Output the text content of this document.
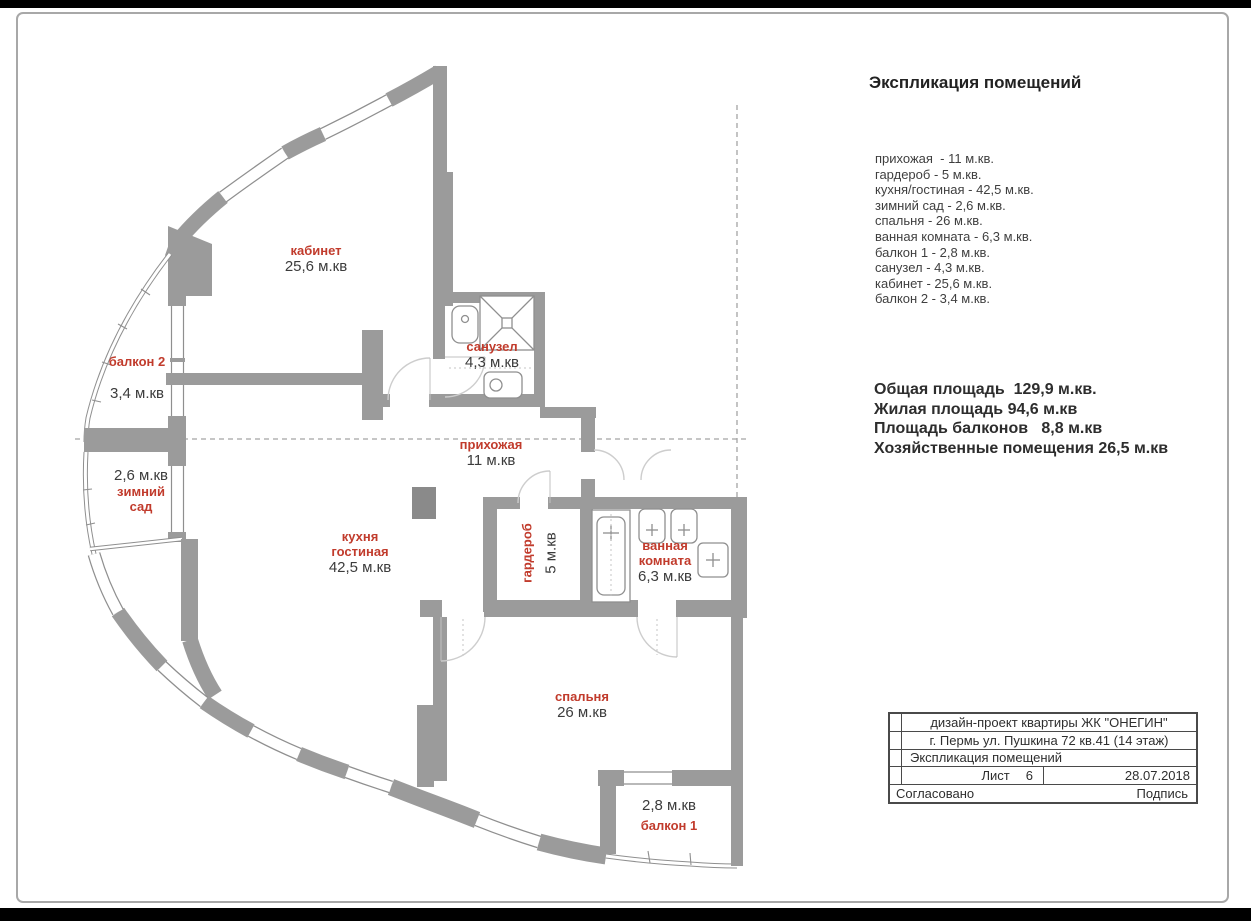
кабинет
25,6 м.кв
балкон 2
3,4 м.кв
санузел
4,3 м.кв
прихожая
11 м.кв
2,6 м.кв
зимний
сад
кухня
гостиная
42,5 м.кв	гардероб 5 м.кв	ванная
комната
6,3 м.кв
спальня
26 м.кв
2,8 м.кв
балкон 1
Экспликация помещений
прихожая  - 11 м.кв.
гардероб - 5 м.кв.
кухня/гостиная - 42,5 м.кв.
зимний сад - 2,6 м.кв.
спальня - 26 м.кв.
ванная комната - 6,3 м.кв.
балкон 1 - 2,8 м.кв.
санузел - 4,3 м.кв.
кабинет - 25,6 м.кв.
балкон 2 - 3,4 м.кв.
Общая площадь  129,9 м.кв.
Жилая площадь 94,6 м.кв
Площадь балконов   8,8 м.кв
Хозяйственные помещения 26,5 м.кв
дизайн-проект квартиры ЖК "ОНЕГИН"
г. Пермь ул. Пушкина 72 кв.41 (14 этаж)
Экспликация помещений
Лист 6	28.07.2018
Согласовано	Подпись
